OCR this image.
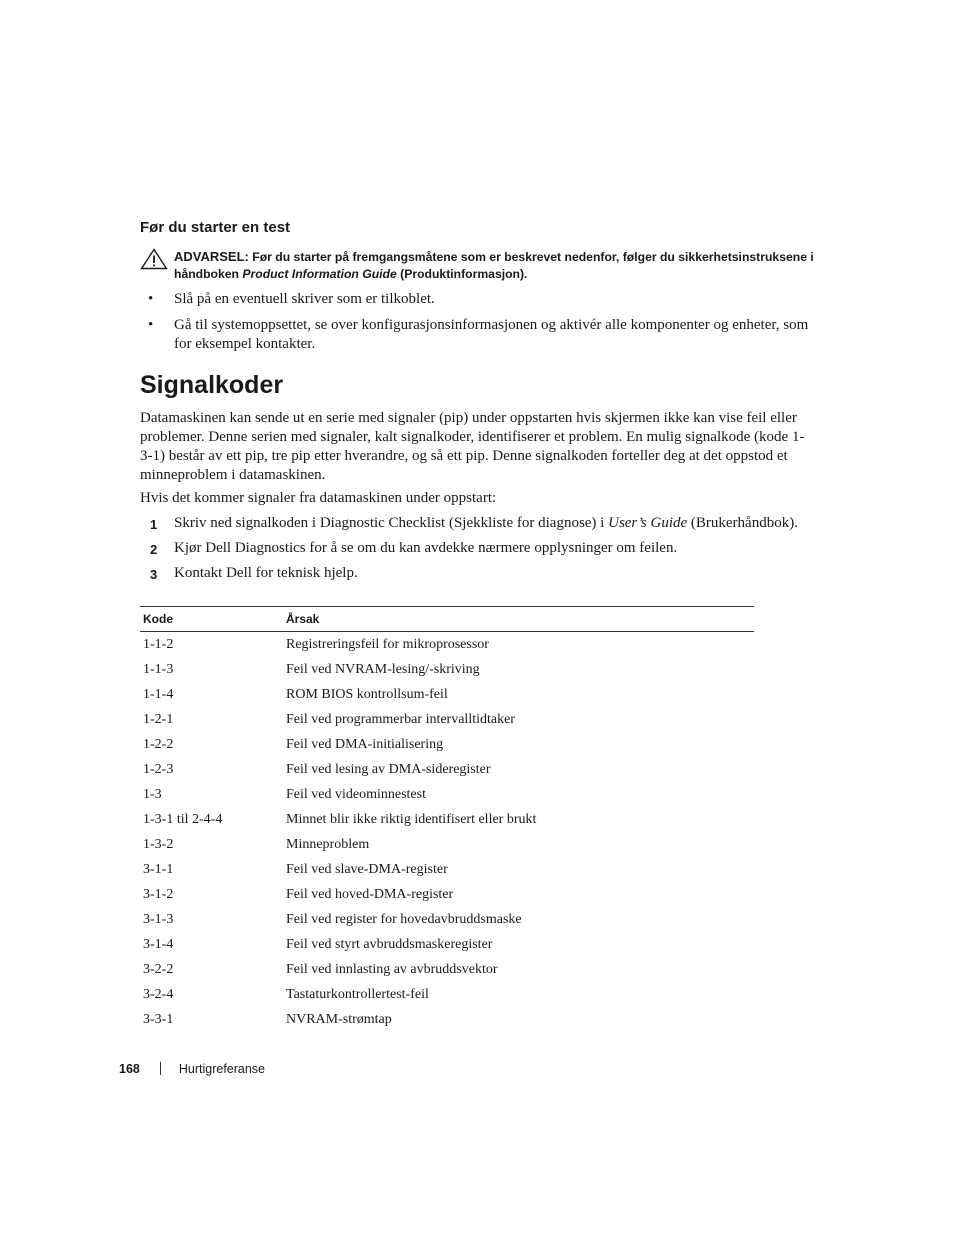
Før du starter en test
ADVARSEL: Før du starter på fremgangsmåtene som er beskrevet nedenfor, følger du sikkerhetsinstruksene i håndboken Product Information Guide (Produktinformasjon).
• Slå på en eventuell skriver som er tilkoblet.
• Gå til systemoppsettet, se over konfigurasjonsinformasjonen og aktivér alle komponenter og enheter, som for eksempel kontakter.
Signalkoder

Datamaskinen kan sende ut en serie med signaler (pip) under oppstarten hvis skjermen ikke kan vise feil eller problemer. Denne serien med signaler, kalt signalkoder, identifiserer et problem. En mulig signalkode (kode 1-3-1) består av ett pip, tre pip etter hverandre, og så ett pip. Denne signalkoden forteller deg at det oppstod et minneproblem i datamaskinen.

Hvis det kommer signaler fra datamaskinen under oppstart:

1 Skriv ned signalkoden i Diagnostic Checklist (Sjekkliste for diagnose) i User’s Guide (Brukerhåndbok).
2 Kjør Dell Diagnostics for å se om du kan avdekke nærmere opplysninger om feilen.
3 Kontakt Dell for teknisk hjelp.
Kode	Årsak
1-1-2	Registreringsfeil for mikroprosessor
1-1-3	Feil ved NVRAM-lesing/-skriving
1-1-4	ROM BIOS kontrollsum-feil
1-2-1	Feil ved programmerbar intervalltidtaker
1-2-2	Feil ved DMA-initialisering
1-2-3	Feil ved lesing av DMA-sideregister
1-3	Feil ved videominnestest
1-3-1 til 2-4-4	Minnet blir ikke riktig identifisert eller brukt
1-3-2	Minneproblem
3-1-1	Feil ved slave-DMA-register
3-1-2	Feil ved hoved-DMA-register
3-1-3	Feil ved register for hovedavbruddsmaske
3-1-4	Feil ved styrt avbruddsmaskeregister
3-2-2	Feil ved innlasting av avbruddsvektor
3-2-4	Tastaturkontrollertest-feil
3-3-1	NVRAM-strømtap
168	Hurtigreferanse
